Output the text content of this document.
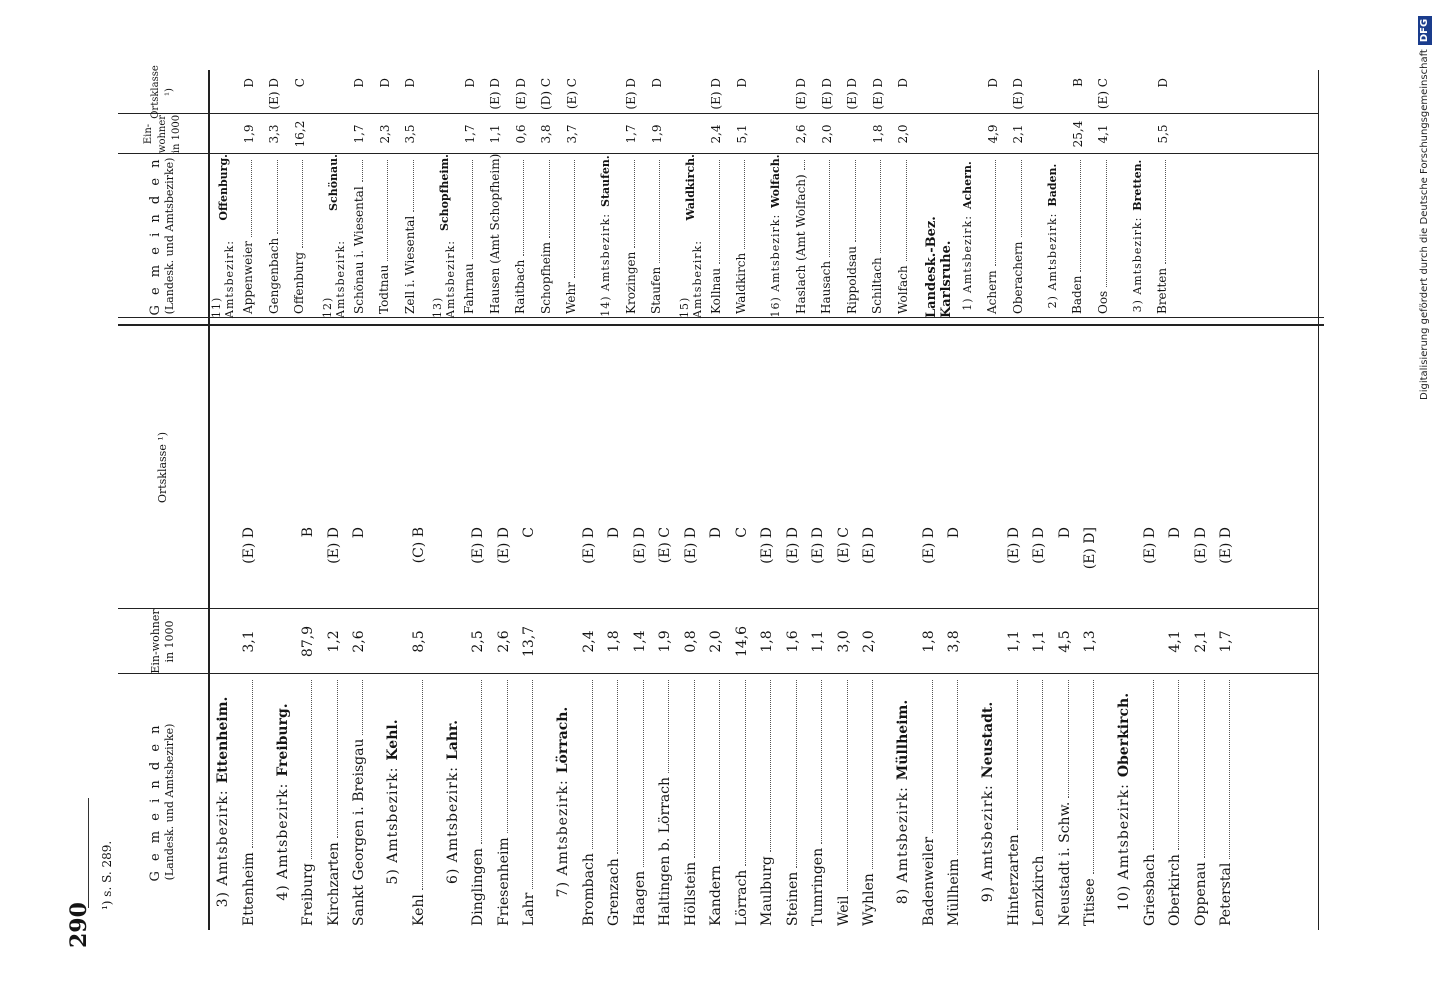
290
¹) s. S. 289.	G e m e i n d e n (Landesk. und Amtsbezirke)
Ein-wohner in 1000
Ortsklasse ¹)
3) Amtsbezirk:
Ettenheim.
Ettenheim
3,1
(E) D
4) Amtsbezirk:
Freiburg.
Freiburg
87,9
B
Kirchzarten
1,2
(E) D
Sankt Georgen i. Breisgau
2,6
D
5) Amtsbezirk:
Kehl.
Kehl
8,5
(C) B
6) Amtsbezirk:
Lahr.
Dinglingen
2,5
(E) D
Friesenheim
2,6
(E) D
Lahr
13,7
C
7) Amtsbezirk:
Lörrach.
Brombach
2,4
(E) D
Grenzach
1,8
D
Haagen
1,4
(E) D
Haltingen b. Lörrach
1,9
(E) C
Höllstein
0,8
(E) D
Kandern
2,0
D
Lörrach
14,6
C
Maulburg
1,8
(E) D
Steinen
1,6
(E) D
Tumringen
1,1
(E) D
Weil
3,0
(E) C
Wyhlen
2,0
(E) D
8) Amtsbezirk:
Müllheim.
Badenweiler
1,8
(E) D
Müllheim
3,8
D
9) Amtsbezirk:
Neustadt.
Hinterzarten
1,1
(E) D
Lenzkirch
1,1
(E) D
Neustadt i. Schw.
4,5
D
Titisee
1,3
(E) D]
10) Amtsbezirk:
Oberkirch.
Griesbach
(E) D
Oberkirch
4,1
D
Oppenau
2,1
(E) D
Peterstal
1,7
(E) D
G e m e i n d e n (Landesk. und Amtsbezirke)
Ein-wohner in 1000
Ortsklasse ¹)
11) Amtsbezirk:
Offenburg.
Appenweier
1,9
D
Gengenbach
3,3
(E) D
Offenburg
16,2
C
12) Amtsbezirk:
Schönau.
Schönau i. Wiesental
1,7
D
Todtnau
2,3
D
Zell i. Wiesental
3,5
D
13) Amtsbezirk:
Schopfheim.
Fahrnau
1,7
D
Hausen (Amt Schopfheim)
1,1
(E) D
Raitbach
0,6
(E) D
Schopfheim
3,8
(D) C
Wehr
3,7
(E) C
14) Amtsbezirk:
Staufen.
Krozingen
1,7
(E) D
Staufen
1,9
D
15) Amtsbezirk:
Waldkirch.
Kollnau
2,4
(E) D
Waldkirch
5,1
D
16) Amtsbezirk:
Wolfach. Haslach (Amt Wolfach)
2,6
(E) D
Hausach
2,0
(E) D
Rippoldsau
(E) D
Schiltach
1,8
(E) D
Wolfach
2,0
D
Landesk.-Bez. Karlsruhe. 1) Amtsbezirk:
Achern.
Achern
4,9
D
Oberachern
2,1
(E) D
2) Amtsbezirk:
Baden.
Baden
25,4
B
Oos
4,1
(E) C
3) Amtsbezirk:
Bretten.
Bretten
5,5
D	Digitalisierung gefördert durch die Deutsche ForschungsgemeinschaftDFG
